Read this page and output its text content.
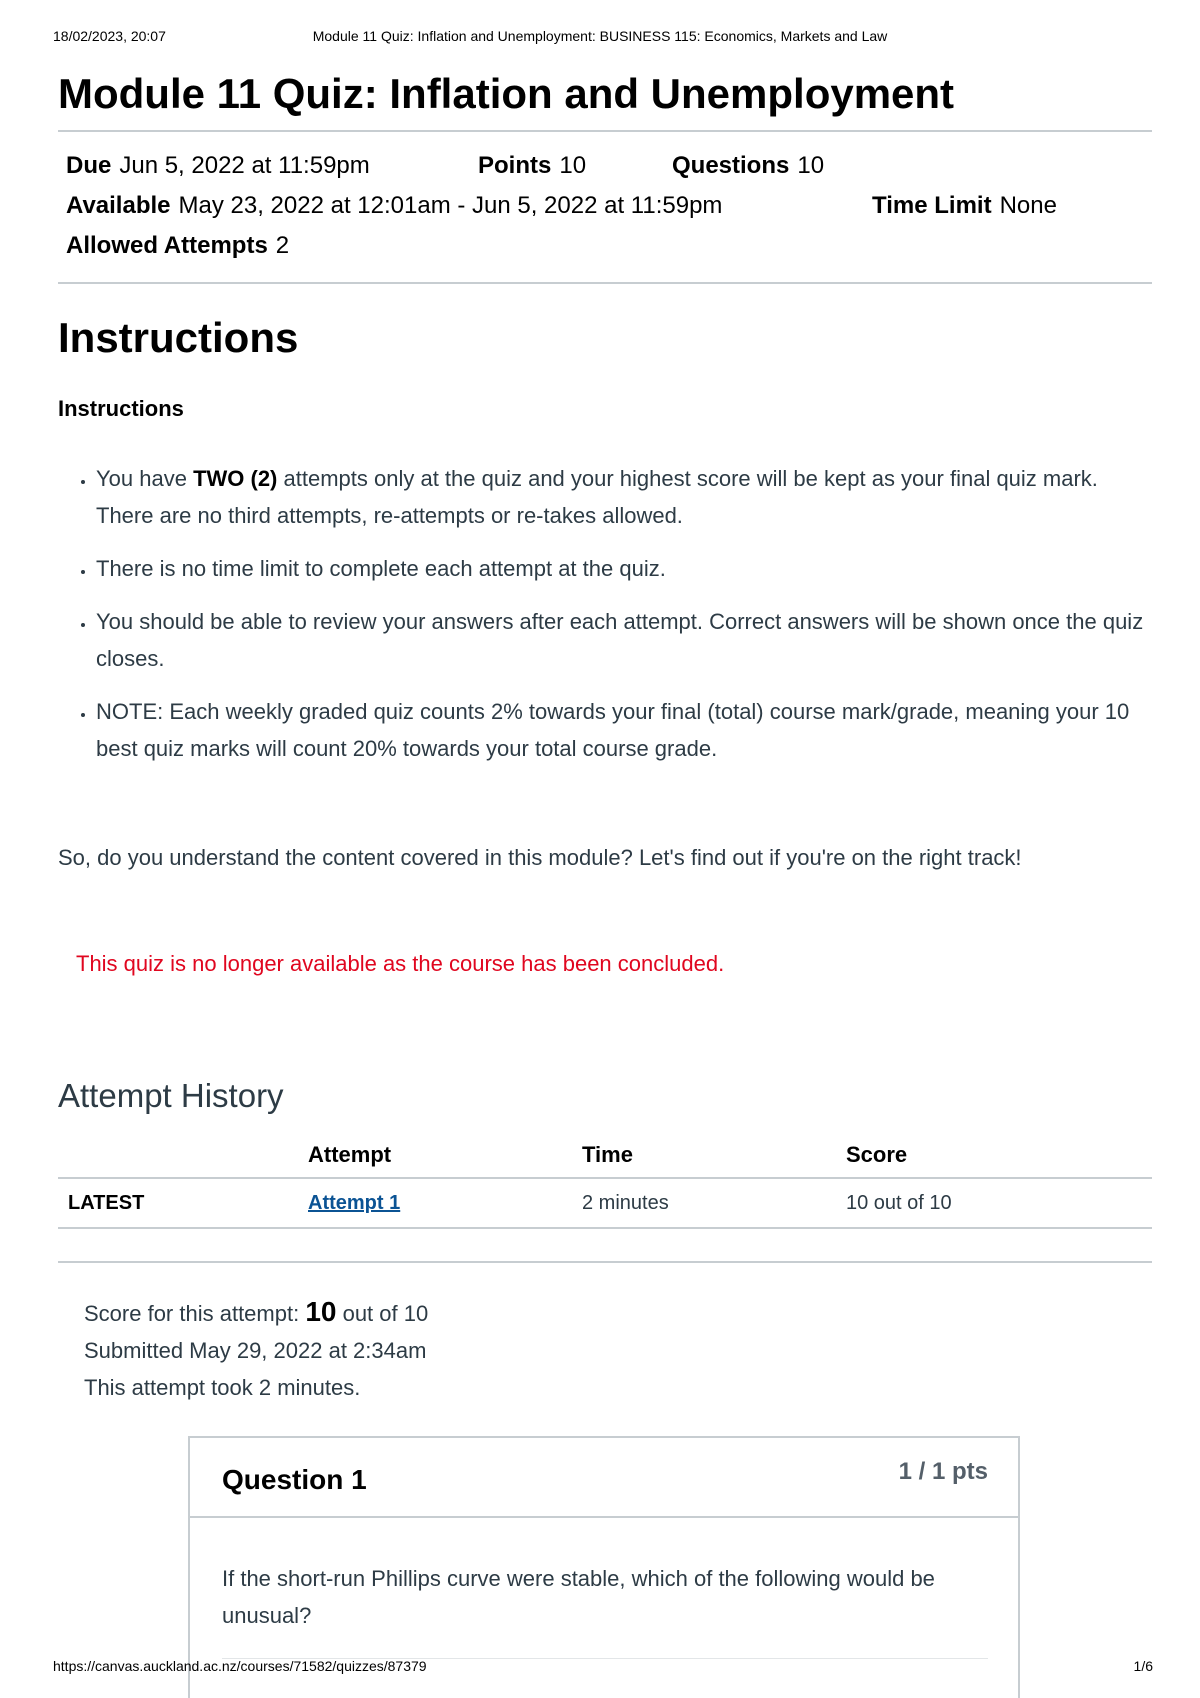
18/02/2023, 20:07	Module 11 Quiz: Inflation and Unemployment: BUSINESS 115: Economics, Markets and Law
Module 11 Quiz: Inflation and Unemployment
Due Jun 5, 2022 at 11:59pm	Points 10	Questions 10
Available May 23, 2022 at 12:01am - Jun 5, 2022 at 11:59pm	Time Limit None
Allowed Attempts 2
Instructions
Instructions
• You have TWO (2) attempts only at the quiz and your highest score will be kept as your final quiz mark. There are no third attempts, re-attempts or re-takes allowed.
• There is no time limit to complete each attempt at the quiz.
• You should be able to review your answers after each attempt. Correct answers will be shown once the quiz closes.
• NOTE: Each weekly graded quiz counts 2% towards your final (total) course mark/grade, meaning your 10 best quiz marks will count 20% towards your total course grade.
So, do you understand the content covered in this module? Let's find out if you're on the right track!
This quiz is no longer available as the course has been concluded.
Attempt History
	Attempt	Time	Score
LATEST	Attempt 1	2 minutes	10 out of 10
Score for this attempt: 10 out of 10
Submitted May 29, 2022 at 2:34am
This attempt took 2 minutes.
Question 1	1 / 1 pts
If the short-run Phillips curve were stable, which of the following would be unusual?
https://canvas.auckland.ac.nz/courses/71582/quizzes/87379	1/6
